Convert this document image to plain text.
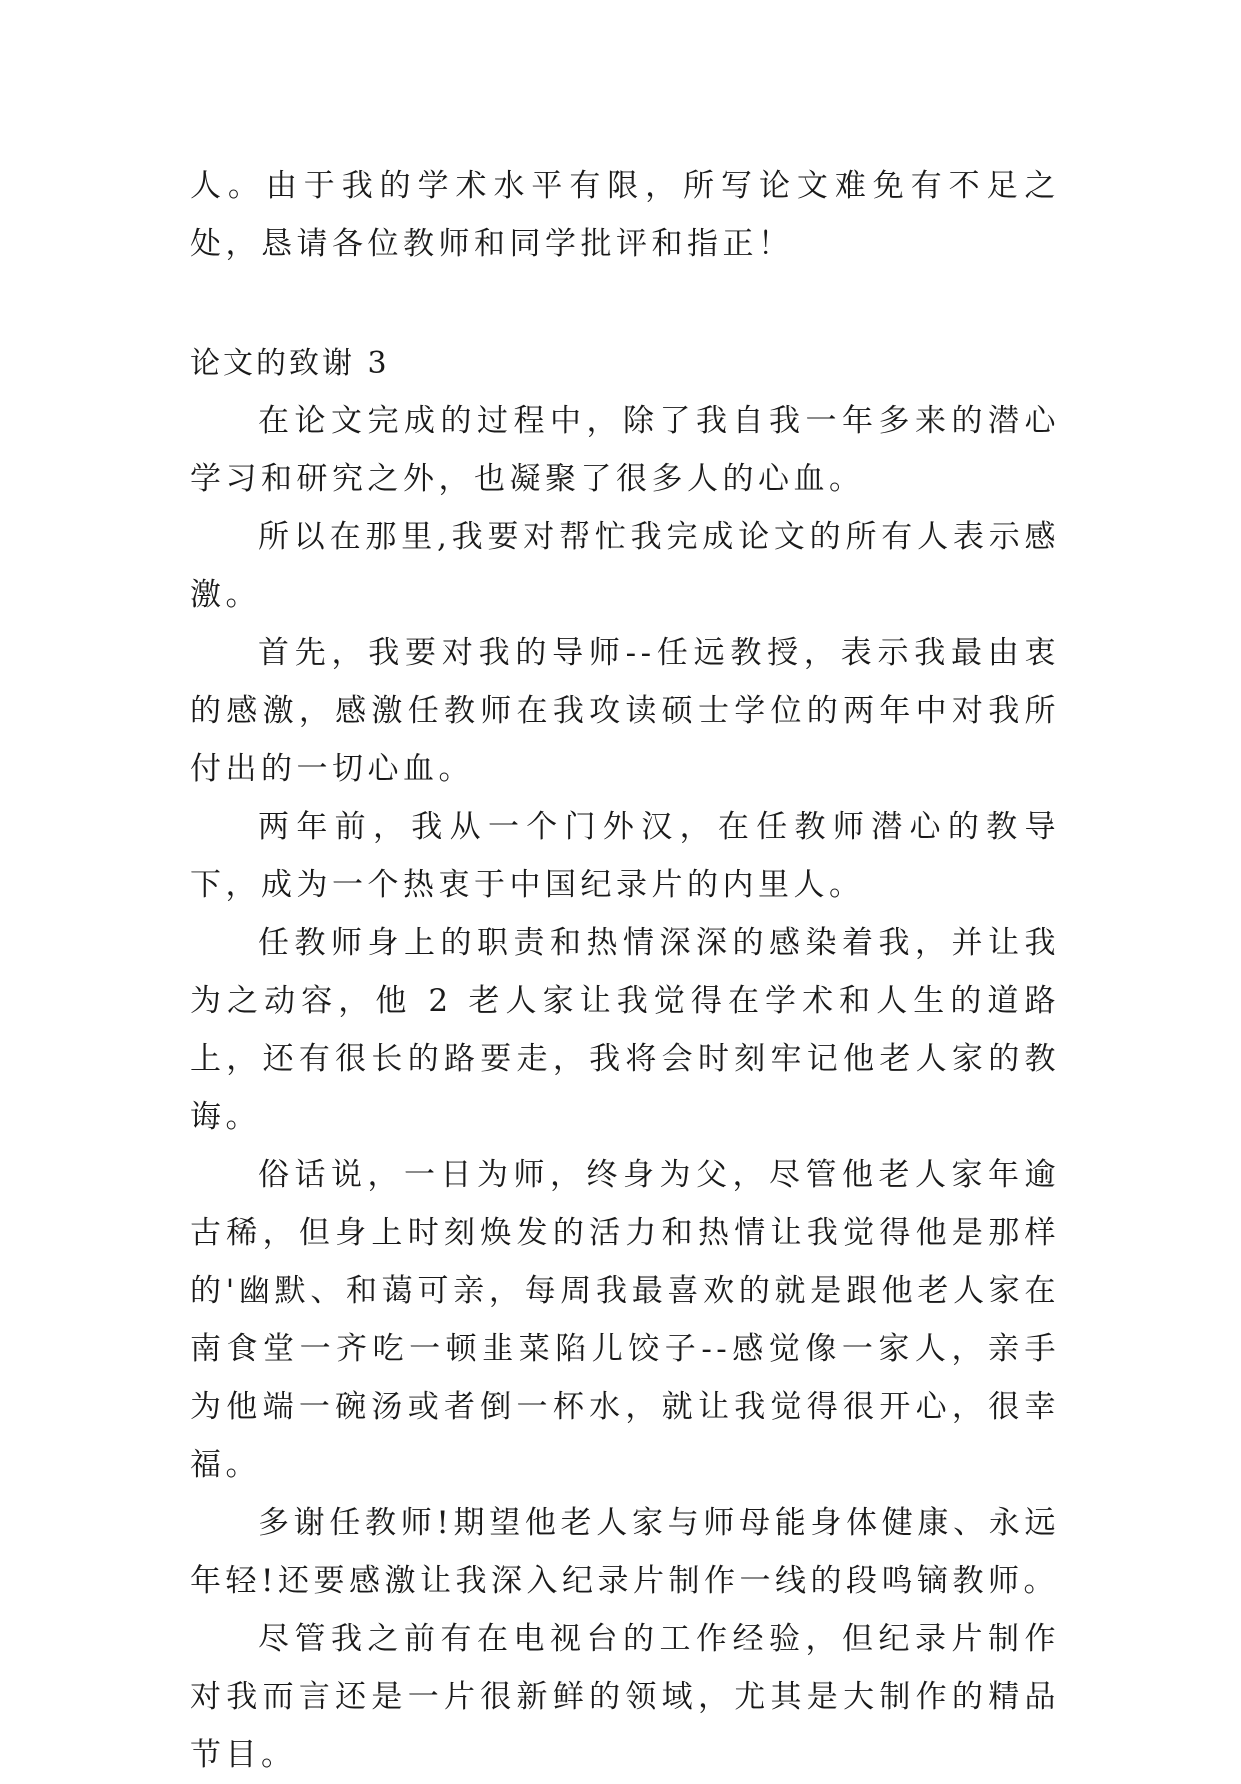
人。由于我的学术水平有限，所写论文难免有不足之处，恳请各位教师和同学批评和指正！

论文的致谢 3

在论文完成的过程中，除了我自我一年多来的潜心学习和研究之外，也凝聚了很多人的心血。

所以在那里,我要对帮忙我完成论文的所有人表示感激。

首先，我要对我的导师--任远教授，表示我最由衷的感激，感激任教师在我攻读硕士学位的两年中对我所付出的一切心血。

两年前，我从一个门外汉，在任教师潜心的教导下，成为一个热衷于中国纪录片的内里人。

任教师身上的职责和热情深深的感染着我，并让我为之动容，他 2 老人家让我觉得在学术和人生的道路上，还有很长的路要走，我将会时刻牢记他老人家的教诲。

俗话说，一日为师，终身为父，尽管他老人家年逾古稀，但身上时刻焕发的活力和热情让我觉得他是那样的'幽默、和蔼可亲，每周我最喜欢的就是跟他老人家在南食堂一齐吃一顿韭菜陷儿饺子--感觉像一家人，亲手为他端一碗汤或者倒一杯水，就让我觉得很开心，很幸福。

多谢任教师!期望他老人家与师母能身体健康、永远年轻!还要感激让我深入纪录片制作一线的段鸣镝教师。

尽管我之前有在电视台的工作经验，但纪录片制作对我而言还是一片很新鲜的领域，尤其是大制作的精品节目。
